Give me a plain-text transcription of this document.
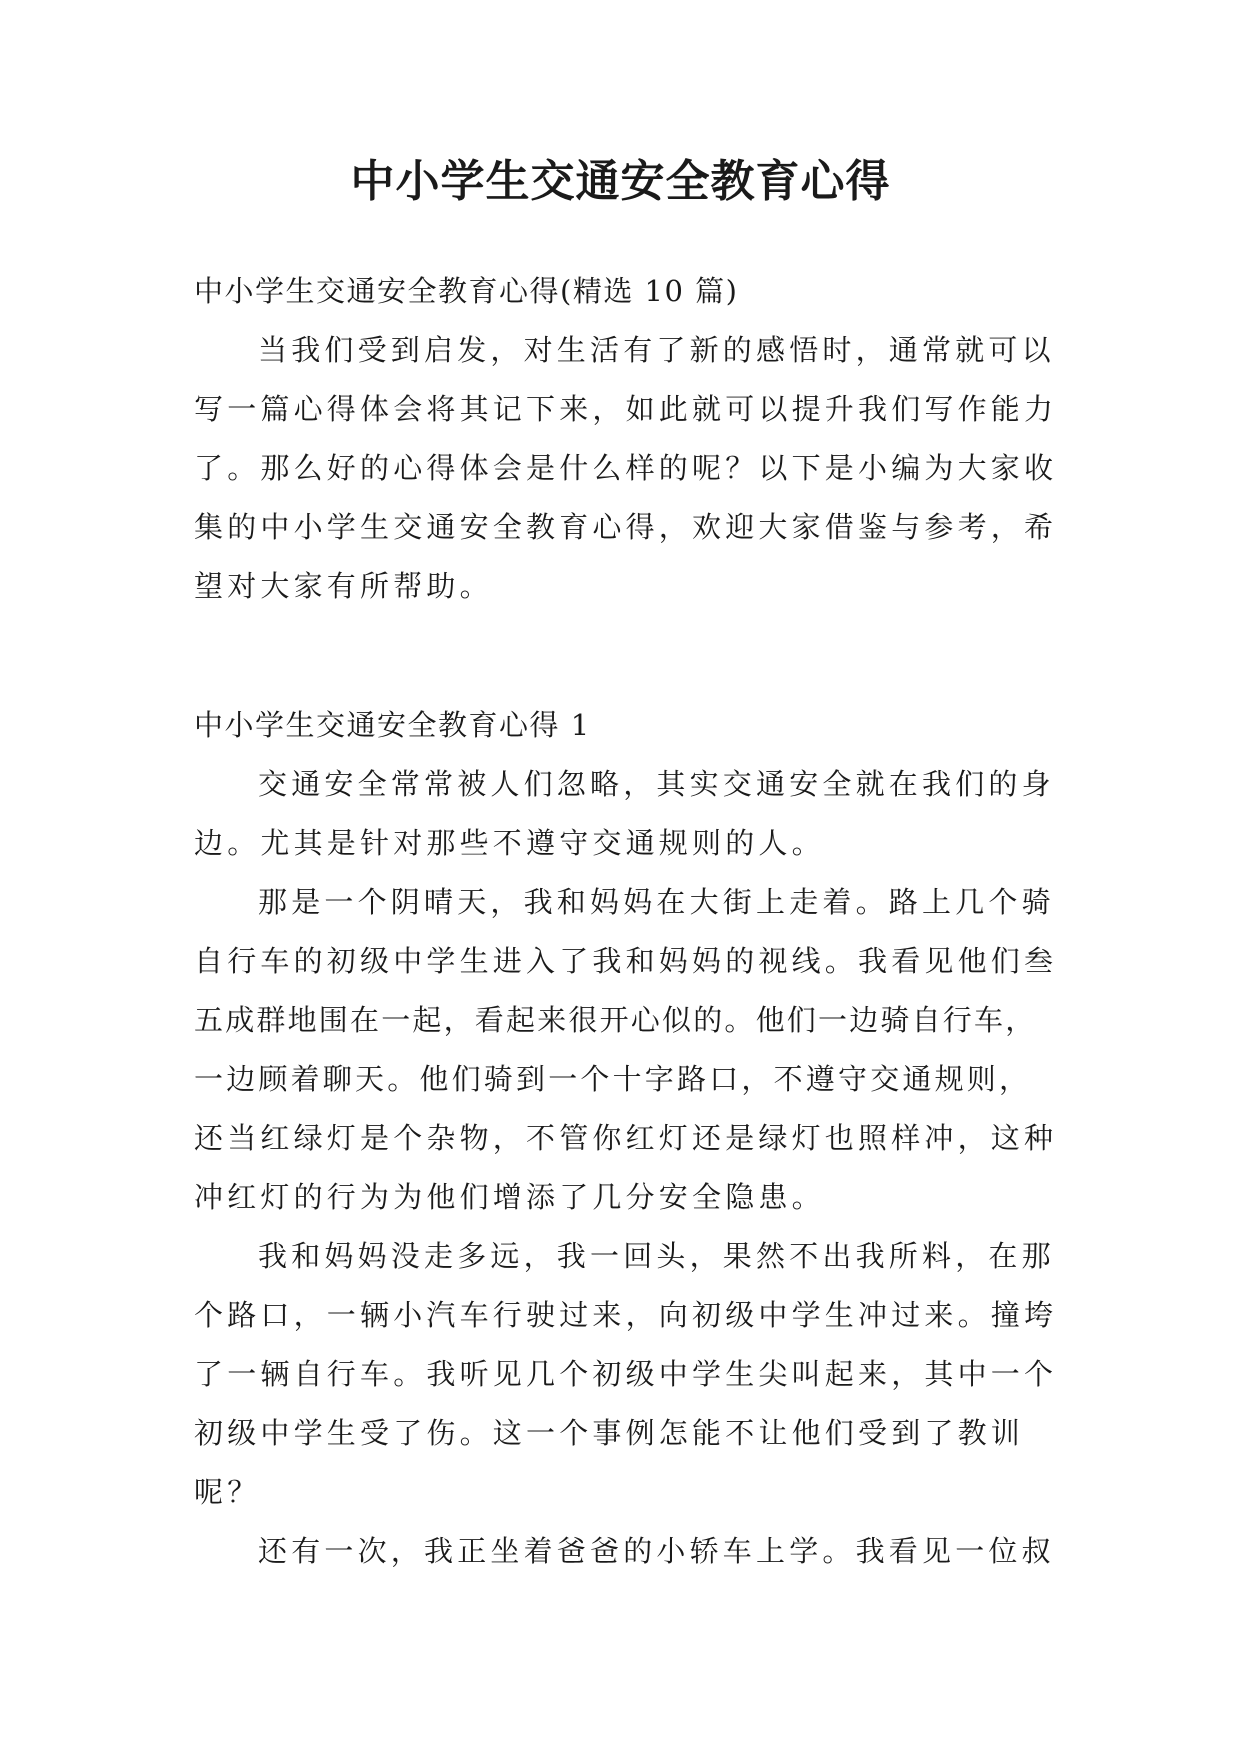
中小学生交通安全教育心得

中小学生交通安全教育心得(精选 10 篇)

当我们受到启发，对生活有了新的感悟时，通常就可以

写一篇心得体会将其记下来，如此就可以提升我们写作能力

了。那么好的心得体会是什么样的呢？以下是小编为大家收

集的中小学生交通安全教育心得，欢迎大家借鉴与参考，希

望对大家有所帮助。

中小学生交通安全教育心得 1

交通安全常常被人们忽略，其实交通安全就在我们的身

边。尤其是针对那些不遵守交通规则的人。

那是一个阴晴天，我和妈妈在大街上走着。路上几个骑

自行车的初级中学生进入了我和妈妈的视线。我看见他们叁

五成群地围在一起，看起来很开心似的。他们一边骑自行车，

一边顾着聊天。他们骑到一个十字路口，不遵守交通规则，

还当红绿灯是个杂物，不管你红灯还是绿灯也照样冲，这种

冲红灯的行为为他们增添了几分安全隐患。

我和妈妈没走多远，我一回头，果然不出我所料，在那

个路口，一辆小汽车行驶过来，向初级中学生冲过来。撞垮

了一辆自行车。我听见几个初级中学生尖叫起来，其中一个

初级中学生受了伤。这一个事例怎能不让他们受到了教训

呢？

还有一次，我正坐着爸爸的小轿车上学。我看见一位叔
